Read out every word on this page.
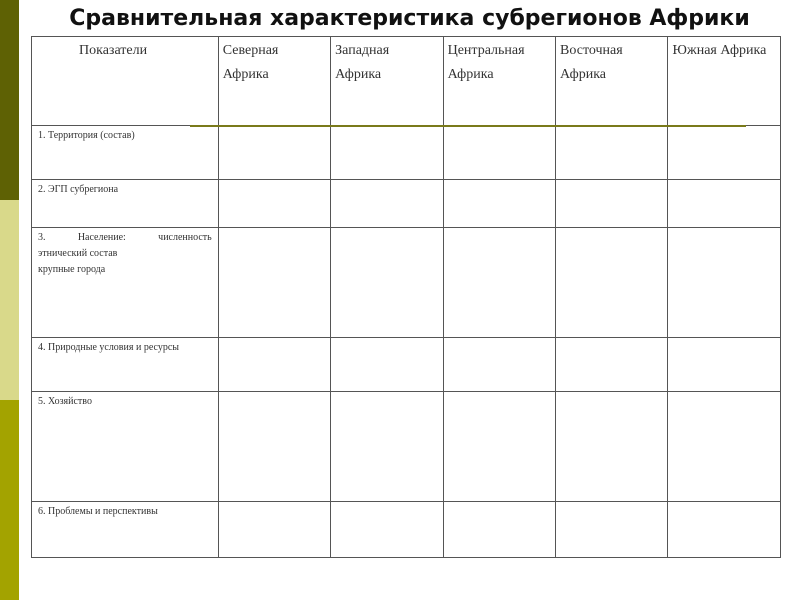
Сравнительная характеристика субрегионов Африки
Показатели	Северная Африка	Западная Африка	Центральная Африка	Восточная Африка	Южная Африка

1. Территория (состав)					

2. ЭГП субрегиона					

3. Население: численность
этнический состав
крупные города					

4. Природные условия и ресурсы					

5. Хозяйство					

6. Проблемы и перспективы					
